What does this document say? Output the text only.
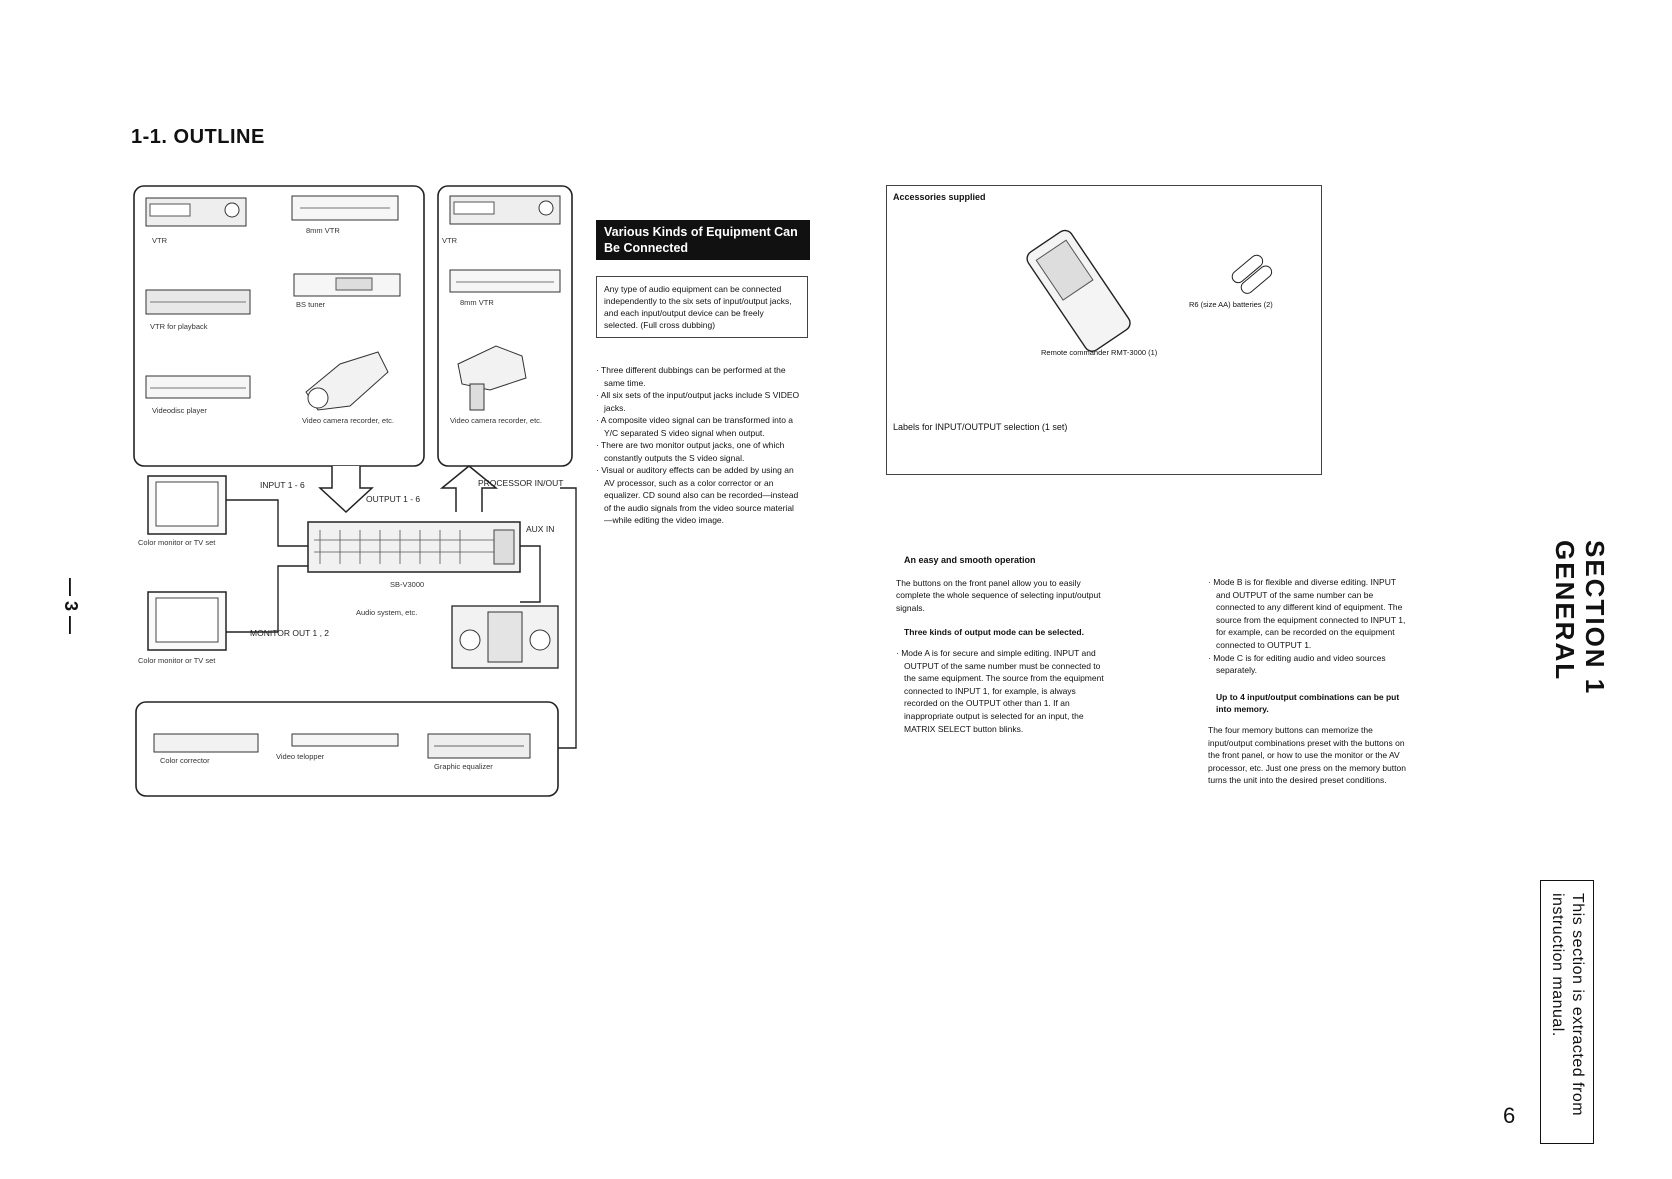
1-1. OUTLINE
VTR
8mm VTR
VTR for playback
BS tuner
Videodisc player
Video camera recorder, etc.
VTR
8mm VTR
Video camera recorder, etc.
Color monitor or TV set
Color monitor or TV set
INPUT 1 - 6
OUTPUT 1 - 6
PROCESSOR IN/OUT
AUX IN
MONITOR OUT 1 , 2
SB-V3000
Audio system, etc.
Color corrector	Video telopper
Graphic equalizer
Various Kinds of Equipment Can Be Connected
Any type of audio equipment can be connected independently to the six sets of input/output jacks, and each input/output device can be freely selected. (Full cross dubbing)
· Three different dubbings can be performed at the same time.
· All six sets of the input/output jacks include S VIDEO jacks.
· A composite video signal can be transformed into a Y/C separated S video signal when output.
· There are two monitor output jacks, one of which constantly outputs the S video signal.
· Visual or auditory effects can be added by using an AV processor, such as a color corrector or an equalizer. CD sound also can be recorded—instead of the audio signals from the video source material—while editing the video image.
Accessories supplied
Remote commander RMT-3000 (1)
R6 (size AA) batteries (2)
Labels for INPUT/OUTPUT selection (1 set)
An easy and smooth operation
The buttons on the front panel allow you to easily complete the whole sequence of selecting input/output signals.
Three kinds of output mode can be selected.
· Mode A is for secure and simple editing. INPUT and OUTPUT of the same number must be connected to the same equipment. The source from the equipment connected to INPUT 1, for example, is always recorded on the OUTPUT other than 1. If an inappropriate output is selected for an input, the MATRIX SELECT button blinks.
· Mode B is for flexible and diverse editing. INPUT and OUTPUT of the same number can be connected to any different kind of equipment. The source from the equipment connected to INPUT 1, for example, can be recorded on the equipment connected to OUTPUT 1.
· Mode C is for editing audio and video sources separately.
Up to 4 input/output combinations can be put into memory.
The four memory buttons can memorize the input/output combinations preset with the buttons on the front panel, or how to use the monitor or the AV processor, etc. Just one press on the memory button turns the unit into the desired preset conditions.
SECTION 1
GENERAL
This section is extracted from instruction manual.
— 3 —
6
